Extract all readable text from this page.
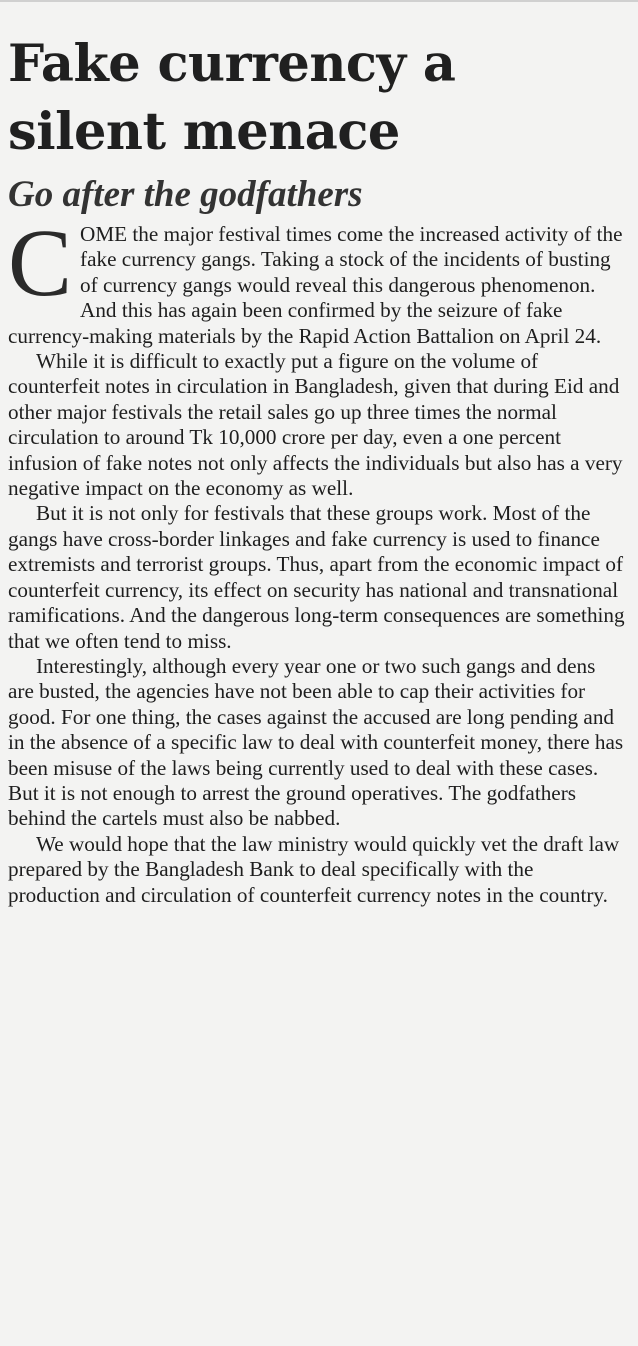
Fake currency a silent menace
Go after the godfathers

COME the major festival times come the increased activity of the fake currency gangs. Taking a stock of the incidents of busting of currency gangs would reveal this dangerous phenomenon. And this has again been confirmed by the seizure of fake currency-making materials by the Rapid Action Battalion on April 24.

While it is difficult to exactly put a figure on the volume of counterfeit notes in circulation in Bangladesh, given that during Eid and other major festivals the retail sales go up three times the normal circulation to around Tk 10,000 crore per day, even a one percent infusion of fake notes not only affects the individuals but also has a very negative impact on the economy as well.

But it is not only for festivals that these groups work. Most of the gangs have cross-border linkages and fake currency is used to finance extremists and terrorist groups. Thus, apart from the economic impact of counterfeit currency, its effect on security has national and transnational ramifications. And the dangerous long-term consequences are something that we often tend to miss.

Interestingly, although every year one or two such gangs and dens are busted, the agencies have not been able to cap their activities for good. For one thing, the cases against the accused are long pending and in the absence of a specific law to deal with counterfeit money, there has been misuse of the laws being currently used to deal with these cases. But it is not enough to arrest the ground operatives. The godfathers behind the cartels must also be nabbed.

We would hope that the law ministry would quickly vet the draft law prepared by the Bangladesh Bank to deal specifically with the production and circulation of counterfeit currency notes in the country.
